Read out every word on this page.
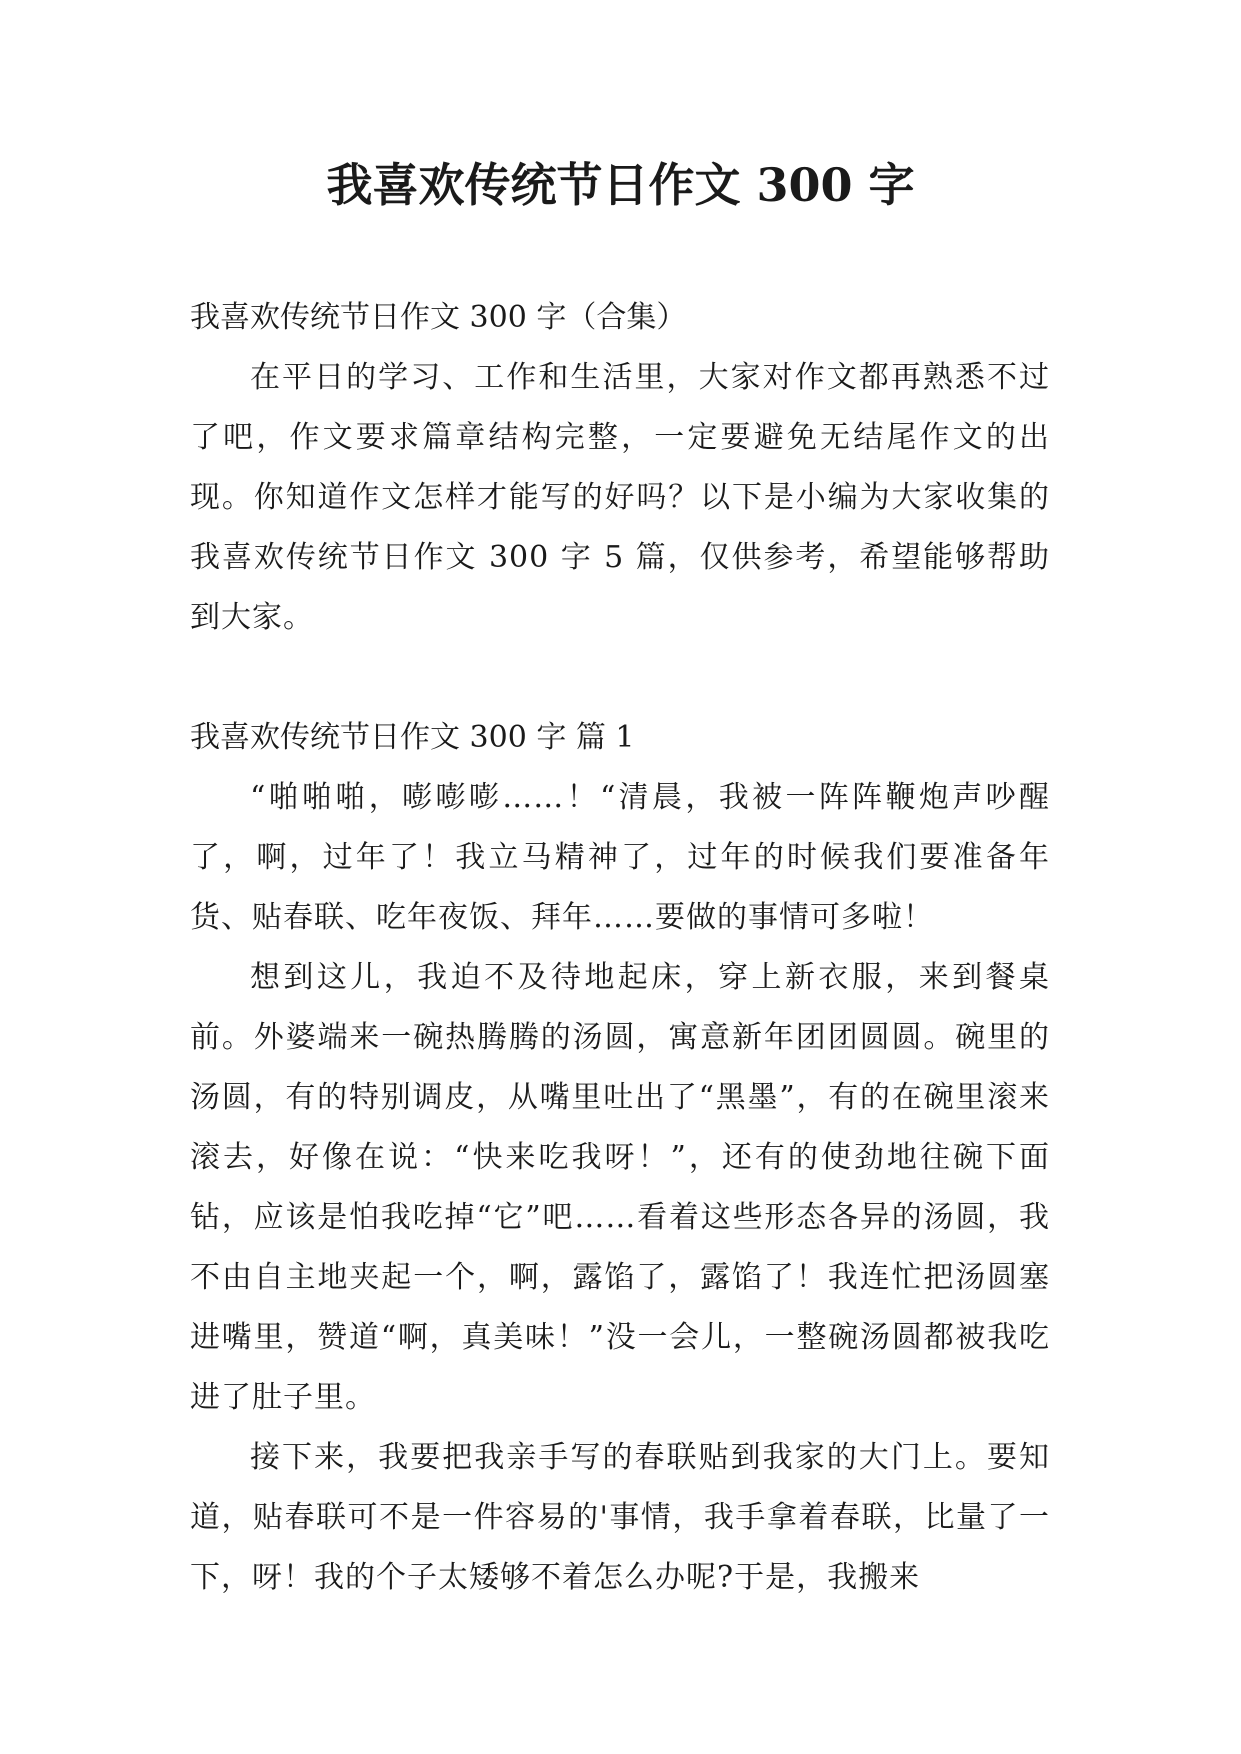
我喜欢传统节日作文 300 字

我喜欢传统节日作文 300 字（合集）

在平日的学习、工作和生活里，大家对作文都再熟悉不过了吧，作文要求篇章结构完整，一定要避免无结尾作文的出现。你知道作文怎样才能写的好吗？以下是小编为大家收集的我喜欢传统节日作文 300 字 5 篇，仅供参考，希望能够帮助到大家。

我喜欢传统节日作文 300 字 篇 1

“啪啪啪，嘭嘭嘭……！“清晨，我被一阵阵鞭炮声吵醒了，啊，过年了！我立马精神了，过年的时候我们要准备年货、贴春联、吃年夜饭、拜年……要做的事情可多啦！

想到这儿，我迫不及待地起床，穿上新衣服，来到餐桌前。外婆端来一碗热腾腾的汤圆，寓意新年团团圆圆。碗里的汤圆，有的特别调皮，从嘴里吐出了“黑墨”，有的在碗里滚来滚去，好像在说：“快来吃我呀！”，还有的使劲地往碗下面钻，应该是怕我吃掉“它”吧……看着这些形态各异的汤圆，我不由自主地夹起一个，啊，露馅了，露馅了！我连忙把汤圆塞进嘴里，赞道“啊，真美味！”没一会儿，一整碗汤圆都被我吃进了肚子里。

接下来，我要把我亲手写的春联贴到我家的大门上。要知道，贴春联可不是一件容易的'事情，我手拿着春联，比量了一下，呀！我的个子太矮够不着怎么办呢?于是，我搬来
